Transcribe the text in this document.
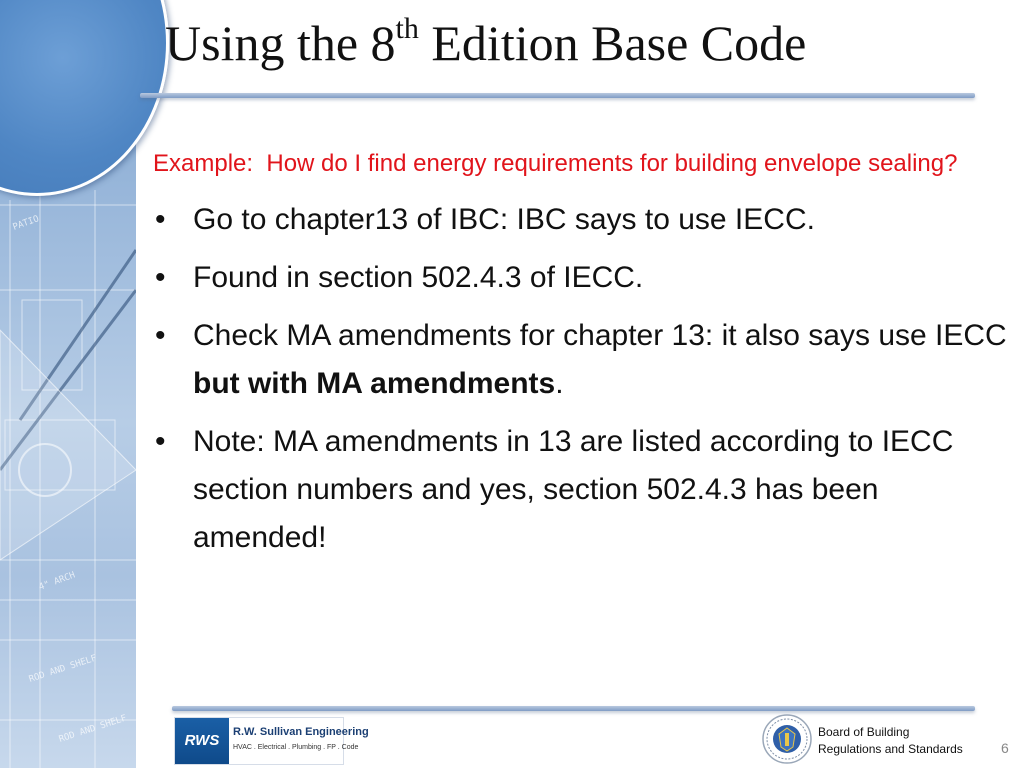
PATIO
4" ARCH
ROD AND SHELF
ROD AND SHELF
Using the 8th Edition Base Code

Example:  How do I find energy requirements for building envelope sealing?

• Go to chapter13 of IBC: IBC says to use IECC.
• Found in section 502.4.3 of IECC.
• Check MA amendments for chapter 13: it also says use IECC but with MA amendments.
• Note: MA amendments in 13 are listed according to IECC section numbers and yes, section 502.4.3 has been amended!
RWS	R.W. Sullivan Engineering
HVAC . Electrical . Plumbing . FP . Code
Board of Building
Regulations and Standards	6
